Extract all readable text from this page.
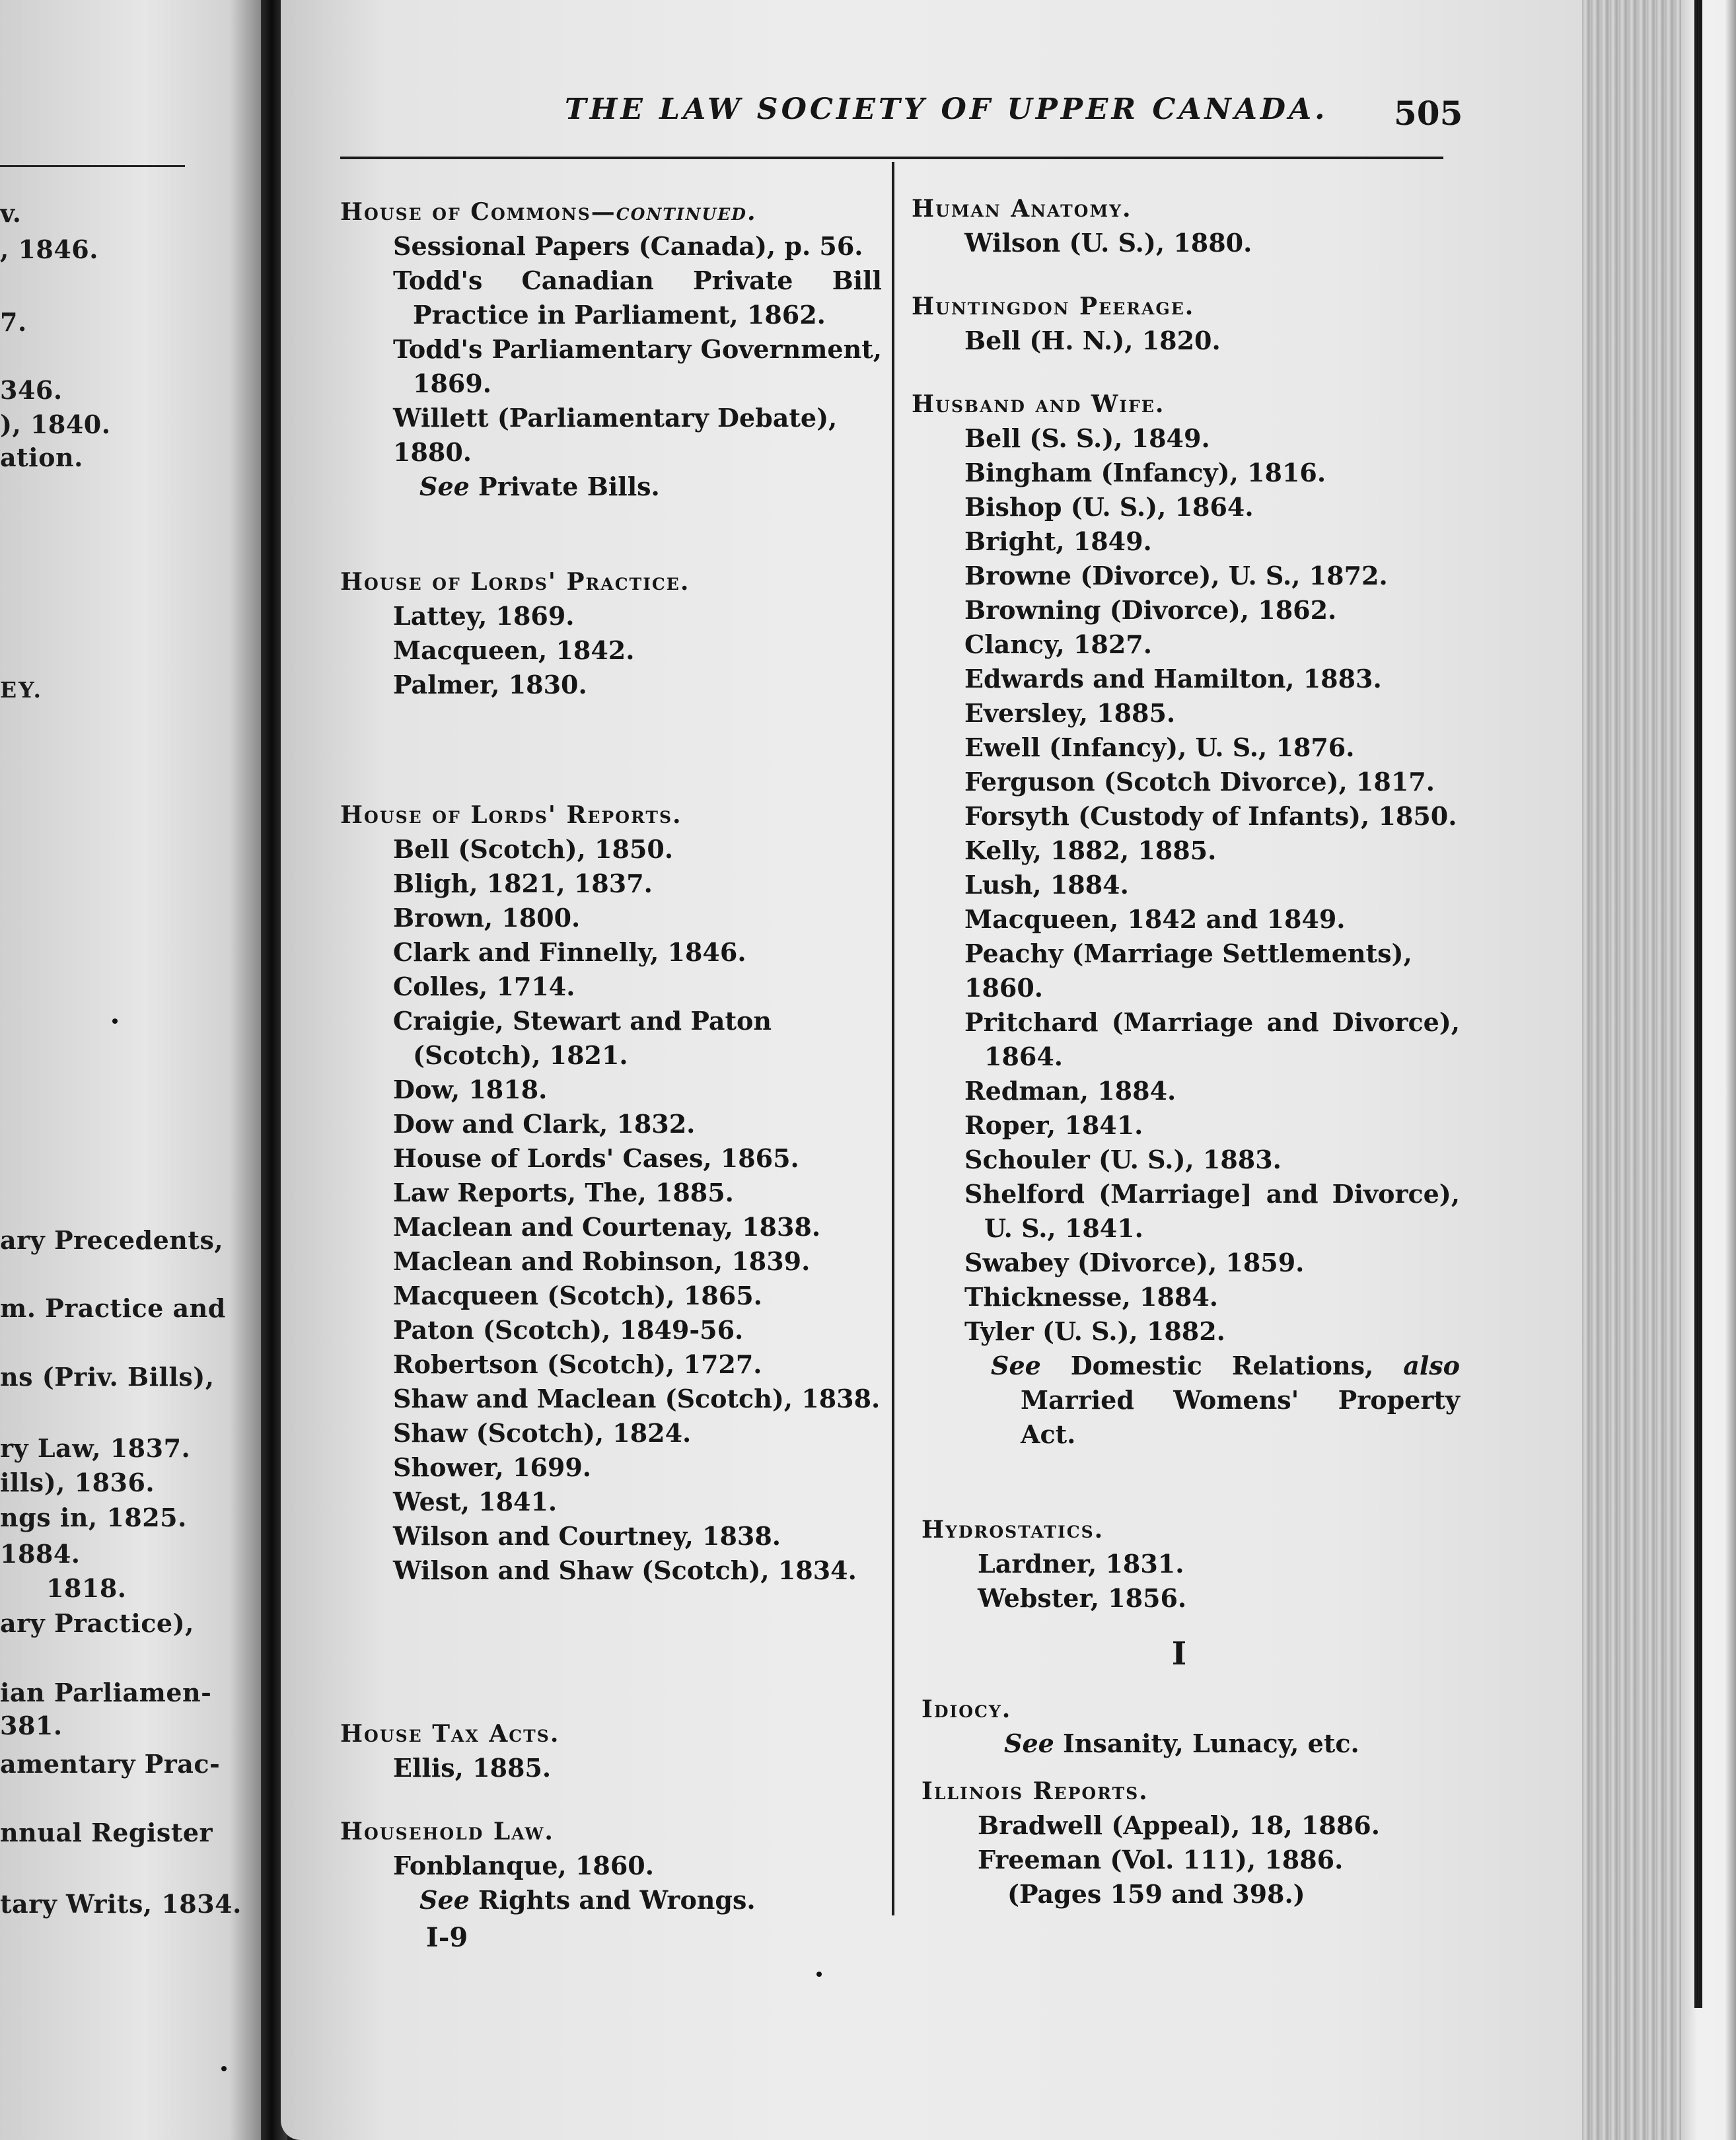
v.
, 1846.
7.
346.
), 1840.
ation.
EY.
ary Precedents,
m. Practice and
ns (Priv. Bills),
ry Law, 1837.
ills), 1836.
ngs in, 1825.
1884.
1818.
ary Practice),
ian Parliamen-
381.
amentary Prac-
nnual Register
tary Writs, 1834.
THE LAW SOCIETY OF UPPER CANADA. 505
House of Commons—continued.
Sessional Papers (Canada), p. 56.
Todd's Canadian Private Bill Practice in Parliament, 1862.
Todd's Parliamentary Government, 1869.
Willett (Parliamentary Debate), 1880.
See Private Bills.
House of Lords' Practice.
Lattey, 1869.
Macqueen, 1842.
Palmer, 1830.
House of Lords' Reports.
Bell (Scotch), 1850.
Bligh, 1821, 1837.
Brown, 1800.
Clark and Finnelly, 1846.
Colles, 1714.
Craigie, Stewart and Paton (Scotch), 1821.
Dow, 1818.
Dow and Clark, 1832.
House of Lords' Cases, 1865.
Law Reports, The, 1885.
Maclean and Courtenay, 1838.
Maclean and Robinson, 1839.
Macqueen (Scotch), 1865.
Paton (Scotch), 1849-56.
Robertson (Scotch), 1727.
Shaw and Maclean (Scotch), 1838.
Shaw (Scotch), 1824.
Shower, 1699.
West, 1841.
Wilson and Courtney, 1838.
Wilson and Shaw (Scotch), 1834.
House Tax Acts.
Ellis, 1885.
Household Law.
Fonblanque, 1860.
See Rights and Wrongs.
Human Anatomy.
Wilson (U. S.), 1880.
Huntingdon Peerage.
Bell (H. N.), 1820.
Husband and Wife.
Bell (S. S.), 1849.
Bingham (Infancy), 1816.
Bishop (U. S.), 1864.
Bright, 1849.
Browne (Divorce), U. S., 1872.
Browning (Divorce), 1862.
Clancy, 1827.
Edwards and Hamilton, 1883.
Eversley, 1885.
Ewell (Infancy), U. S., 1876.
Ferguson (Scotch Divorce), 1817.
Forsyth (Custody of Infants), 1850.
Kelly, 1882, 1885.
Lush, 1884.
Macqueen, 1842 and 1849.
Peachy (Marriage Settlements), 1860.
Pritchard (Marriage and Divorce), 1864.
Redman, 1884.
Roper, 1841.
Schouler (U. S.), 1883.
Shelford (Marriage] and Divorce), U. S., 1841.
Swabey (Divorce), 1859.
Thicknesse, 1884.
Tyler (U. S.), 1882.
See Domestic Relations, also Married Womens' Property Act.
Hydrostatics.
Lardner, 1831.
Webster, 1856.
I
Idiocy.
See Insanity, Lunacy, etc.
Illinois Reports.
Bradwell (Appeal), 18, 1886.
Freeman (Vol. 111), 1886.
(Pages 159 and 398.)
I-9
